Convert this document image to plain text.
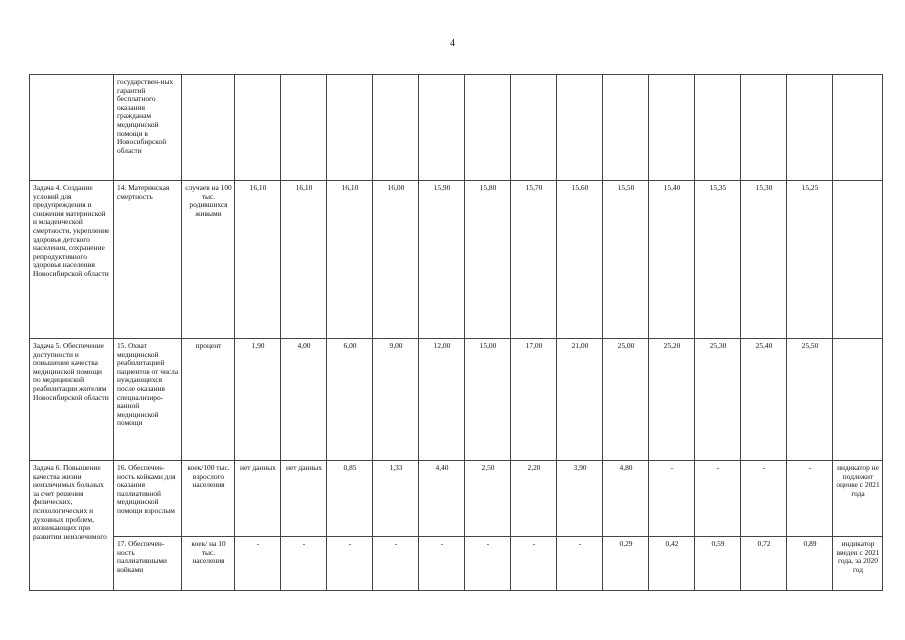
4
	государствен-ных гарантий бесплатного оказания гражданам медицинской помощи в Новосибирской области															
Задача 4. Создание условий для предупреждения и снижения материнской и младенческой смертности, укрепление здоровья детского населения, сохранение репродуктивного здоровья населения Новосибирской области	14. Материнская смертность	случаев на 100 тыс. родившихся живыми	16,10	16,10	16,10	16,00	15,90	15,80	15,70	15,60	15,50	15,40	15,35	15,30	15,25	
Задача 5. Обеспечение доступности и повышение качества медицинской помощи по медицинской реабилитации жителям Новосибирской области	15. Охват медицинской реабилитацией пациентов от числа нуждающихся после оказания специализиро-ванной медицинской помощи	процент	1,90	4,00	6,00	9,00	12,00	15,00	17,00	21,00	25,00	25,20	25,30	25,40	25,50	
Задача 6. Повышение качества жизни неизлечимых больных за счет решения физических, психологических и духовных проблем, возникающих при развитии неизлечимого	16. Обеспечен-ность койками для оказания паллиативной медицинской помощи взрослым	коек/100 тыс. взрослого населения	нет данных	нет данных	0,85	1,33	4,40	2,50	2,20	3,90	4,80	-	-	-	-	индикатор не подлежит оценке с 2021 года
	17. Обеспечен-ность паллиативными койками	коек/ на 10 тыс. населения	-	-	-	-	-	-	-	-	0,29	0,42	0,59	0,72	0,89	индикатор введен с 2021 года, за 2020 год
